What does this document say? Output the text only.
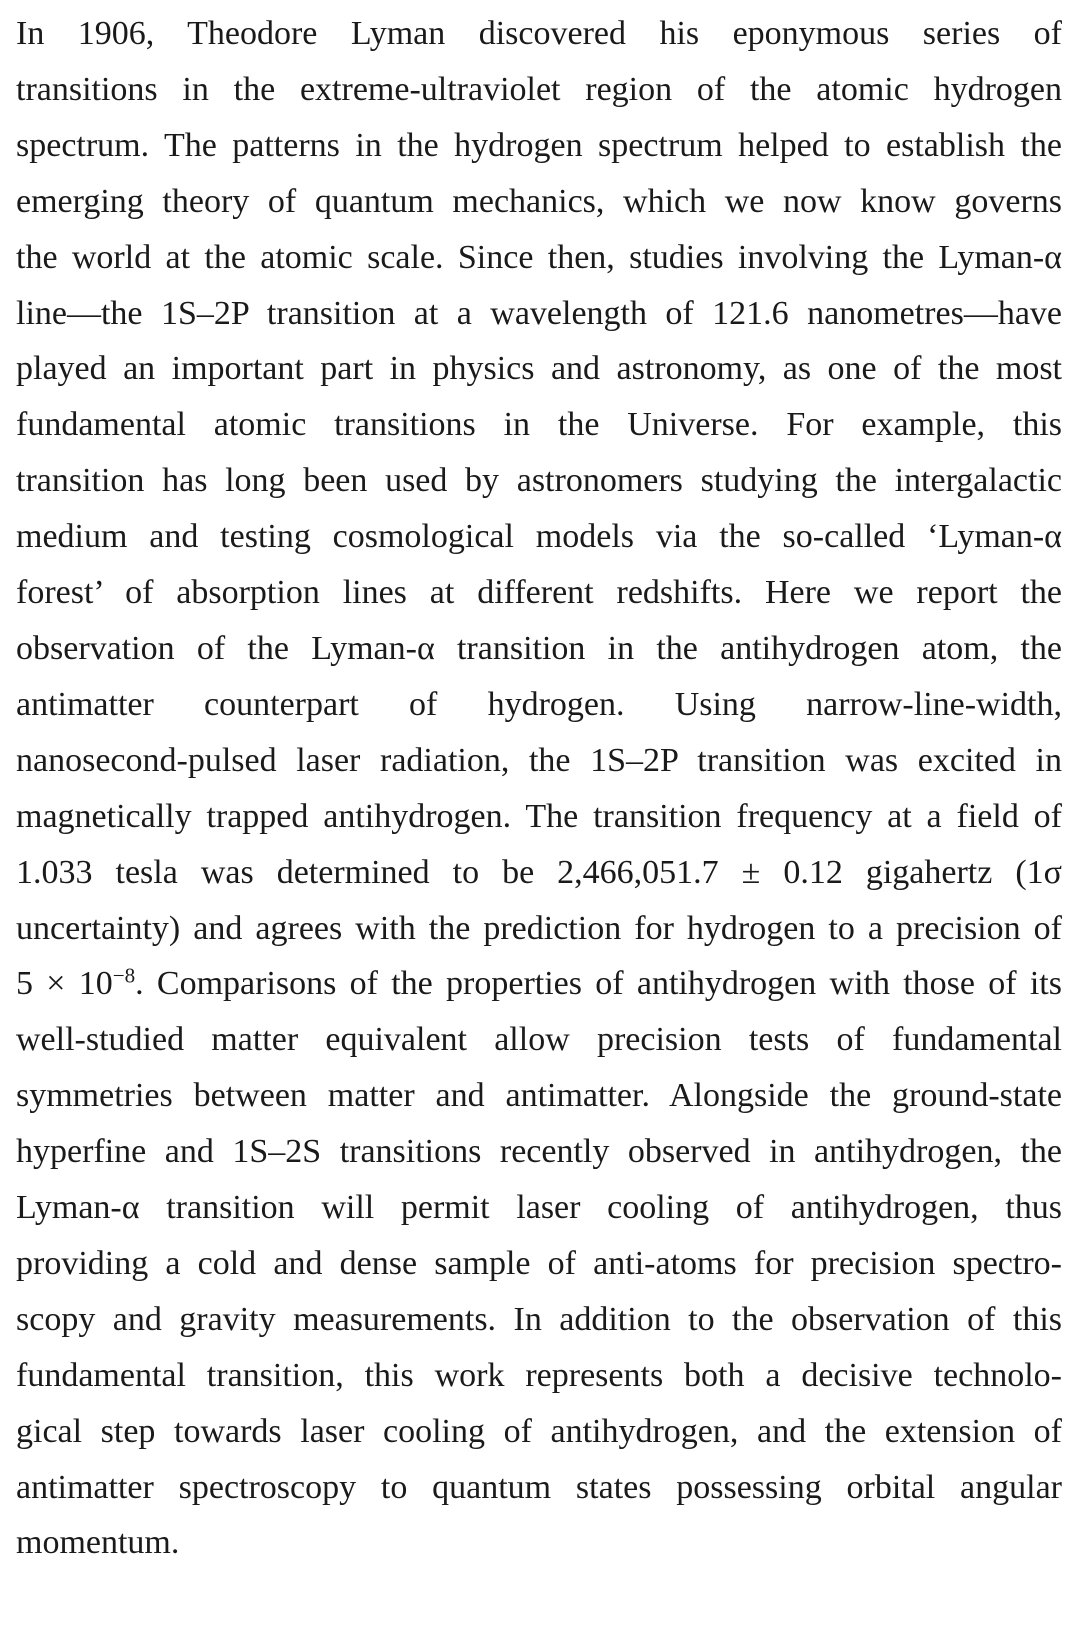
In 1906, Theodore Lyman discovered his eponymous series of
transitions in the extreme-ultraviolet region of the atomic hydrogen
spectrum. The patterns in the hydrogen spectrum helped to establish the
emerging theory of quantum mechanics, which we now know governs
the world at the atomic scale. Since then, studies involving the Lyman-α
line—the 1S–2P transition at a wavelength of 121.6 nanometres—have
played an important part in physics and astronomy, as one of the most
fundamental atomic transitions in the Universe. For example, this
transition has long been used by astronomers studying the intergalactic
medium and testing cosmological models via the so-called ‘Lyman-α
forest’ of absorption lines at different redshifts. Here we report the
observation of the Lyman-α transition in the antihydrogen atom, the
antimatter counterpart of hydrogen. Using narrow-line-width,
nanosecond-pulsed laser radiation, the 1S–2P transition was excited in
magnetically trapped antihydrogen. The transition frequency at a field of
1.033 tesla was determined to be 2,466,051.7 ± 0.12 gigahertz (1σ
uncertainty) and agrees with the prediction for hydrogen to a precision of
$5 \times 10^{-8}$. Comparisons of the properties of antihydrogen with those of its
well-studied matter equivalent allow precision tests of fundamental
symmetries between matter and antimatter. Alongside the ground-state
hyperfine and 1S–2S transitions recently observed in antihydrogen, the
Lyman-α transition will permit laser cooling of antihydrogen, thus
providing a cold and dense sample of anti-atoms for precision spectro-
scopy and gravity measurements. In addition to the observation of this
fundamental transition, this work represents both a decisive technolo-
gical step towards laser cooling of antihydrogen, and the extension of
antimatter spectroscopy to quantum states possessing orbital angular
momentum.
